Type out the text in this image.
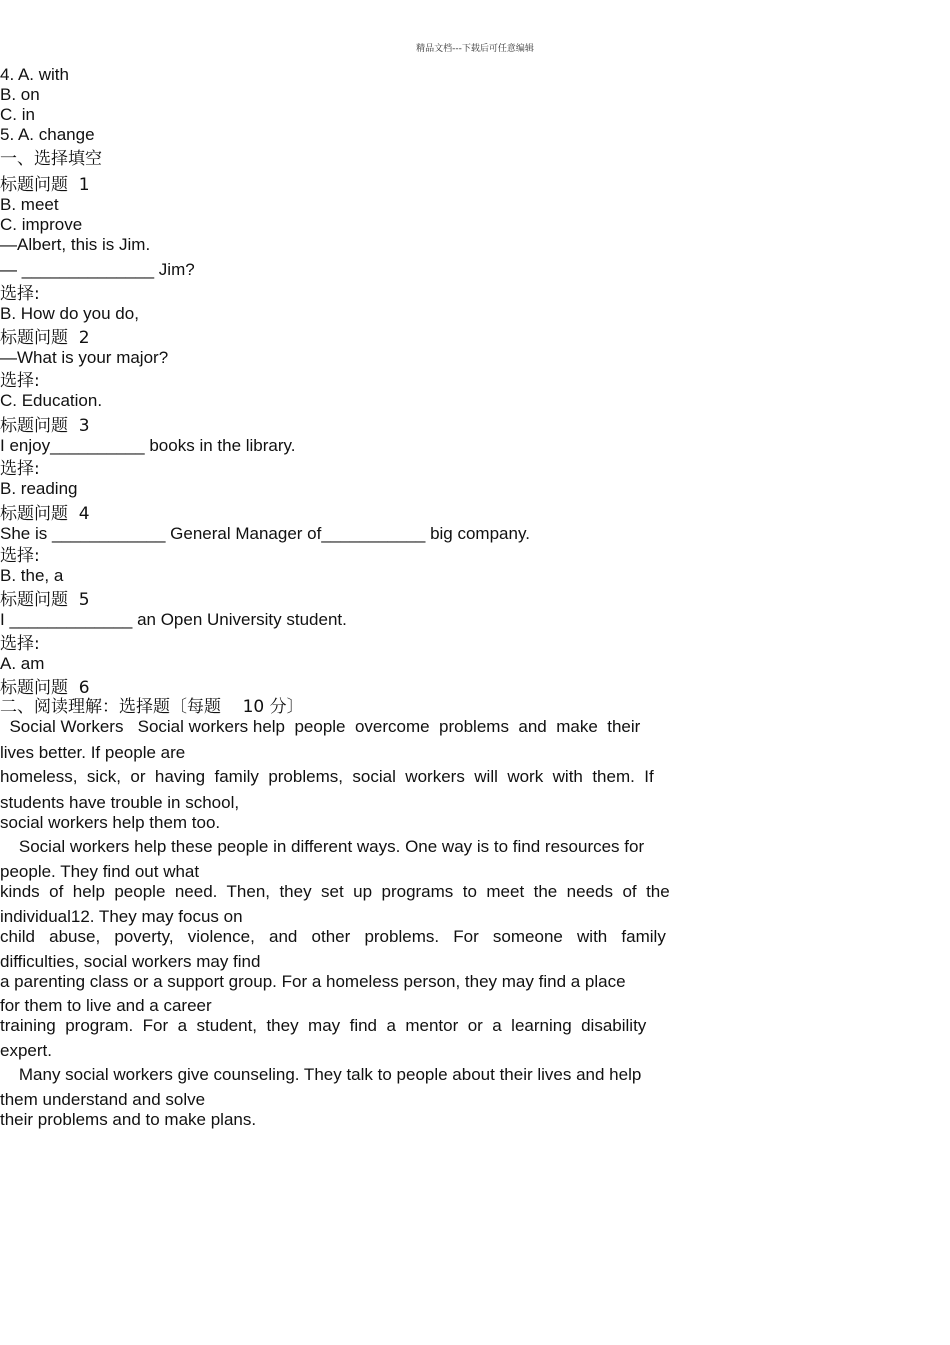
精品文档---下载后可任意编辑
4. A. with
B. on
C. in
5. A. change
一、选择填空
标题问题  1
B. meet
C. improve
—Albert, this is Jim.
— ______________ Jim?
选择:
B. How do you do,
标题问题  2
—What is your major?
选择:
C. Education.
标题问题  3
I enjoy__________ books in the library.
选择:
B. reading
标题问题  4
She is ____________ General Manager of___________ big company.
选择:
B. the, a
标题问题  5
I _____________ an Open University student.
选择:
A. am
标题问题  6
二、阅读理解：选择题〔每题    10 分〕
Social Workers   Social workers help  people  overcome  problems  and  make  their
lives better. If people are
homeless,  sick,  or  having  family  problems,  social  workers  will  work  with  them.  If
students have trouble in school,
social workers help them too.
Social workers help these people in different ways. One way is to find resources for
people. They find out what
kinds  of  help  people  need.  Then,  they  set  up  programs  to  meet  the  needs  of  the
individual12. They may focus on
child   abuse,   poverty,   violence,   and   other   problems.   For   someone   with   family
difficulties, social workers may find
a parenting class or a support group. For a homeless person, they may find a place
for them to live and a career
training  program.  For  a  student,  they  may  find  a  mentor  or  a  learning  disability
expert.
Many social workers give counseling. They talk to people about their lives and help
them understand and solve
their problems and to make plans.
